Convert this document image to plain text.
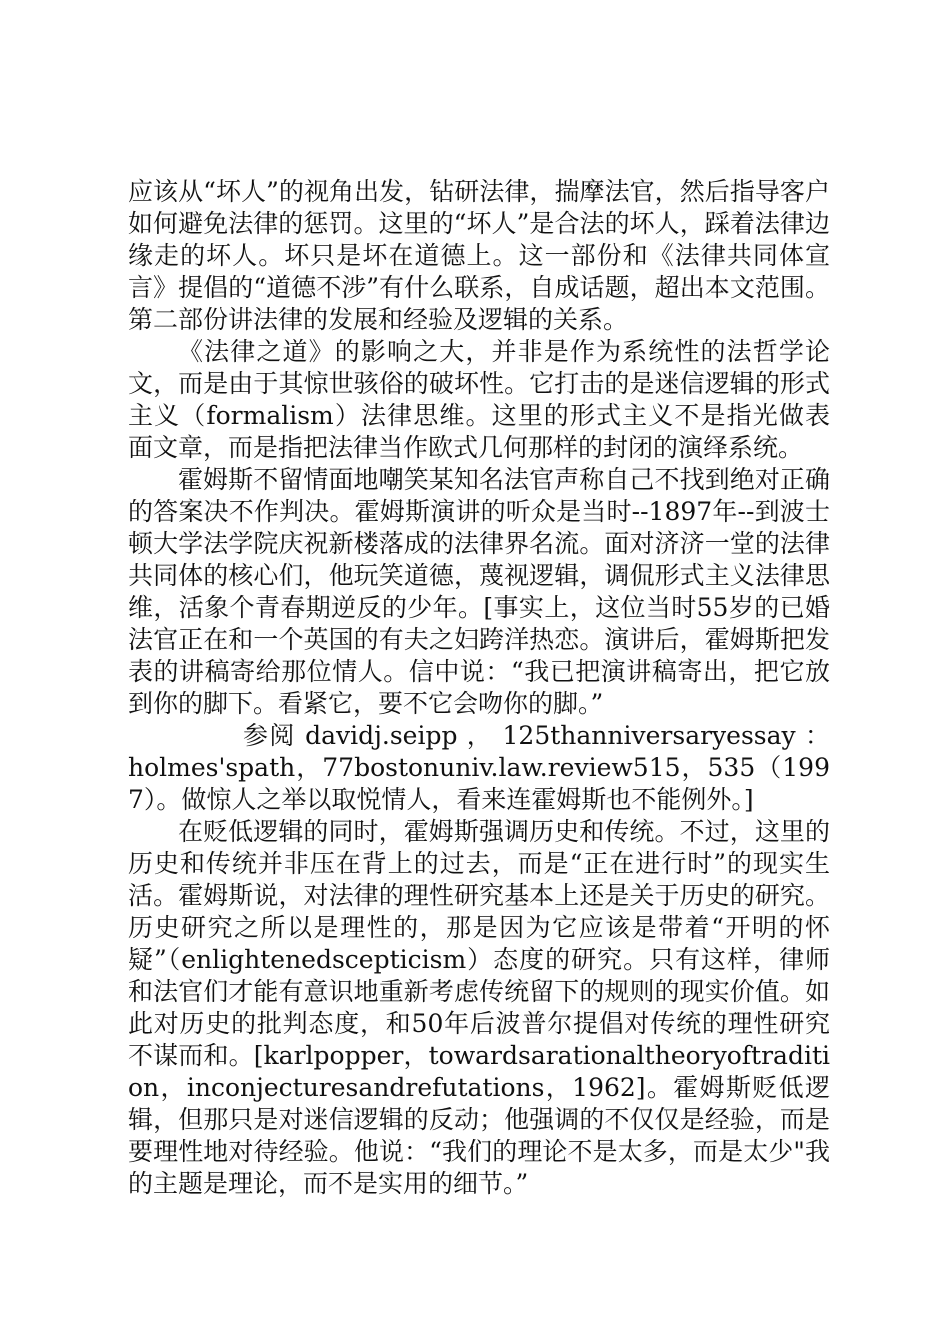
应该从“坏人”的视角出发，钻研法律，揣摩法官，然后指导客户如何避免法律的惩罚。这里的“坏人”是合法的坏人，踩着法律边缘走的坏人。坏只是坏在道德上。这一部份和《法律共同体宣言》提倡的“道德不涉”有什么联系，自成话题，超出本文范围。第二部份讲法律的发展和经验及逻辑的关系。

《法律之道》的影响之大，并非是作为系统性的法哲学论文，而是由于其惊世骇俗的破坏性。它打击的是迷信逻辑的形式主义（formalism）法律思维。这里的形式主义不是指光做表面文章，而是指把法律当作欧式几何那样的封闭的演绎系统。

霍姆斯不留情面地嘲笑某知名法官声称自己不找到绝对正确的答案决不作判决。霍姆斯演讲的听众是当时--1897年--到波士顿大学法学院庆祝新楼落成的法律界名流。面对济济一堂的法律共同体的核心们，他玩笑道德，蔑视逻辑，调侃形式主义法律思维，活象个青春期逆反的少年。[事实上，这位当时55岁的已婚法官正在和一个英国的有夫之妇跨洋热恋。演讲后，霍姆斯把发表的讲稿寄给那位情人。信中说：“我已把演讲稿寄出，把它放到你的脚下。看紧它，要不它会吻你的脚。”

参阅 davidj.seipp ， 125thanniversaryessay ：

holmes'spath，77bostonuniv.law.review515，535（1997）。做惊人之举以取悦情人，看来连霍姆斯也不能例外。]

在贬低逻辑的同时，霍姆斯强调历史和传统。不过，这里的历史和传统并非压在背上的过去，而是“正在进行时”的现实生活。霍姆斯说，对法律的理性研究基本上还是关于历史的研究。历史研究之所以是理性的，那是因为它应该是带着“开明的怀疑”（enlightenedscepticism）态度的研究。只有这样，律师和法官们才能有意识地重新考虑传统留下的规则的现实价值。如此对历史的批判态度，和50年后波普尔提倡对传统的理性研究不谋而和。[karlpopper，towardsarationaltheoryoftradition，inconjecturesandrefutations，1962]。霍姆斯贬低逻辑，但那只是对迷信逻辑的反动；他强调的不仅仅是经验，而是要理性地对待经验。他说：“我们的理论不是太多，而是太少"我的主题是理论，而不是实用的细节。”
